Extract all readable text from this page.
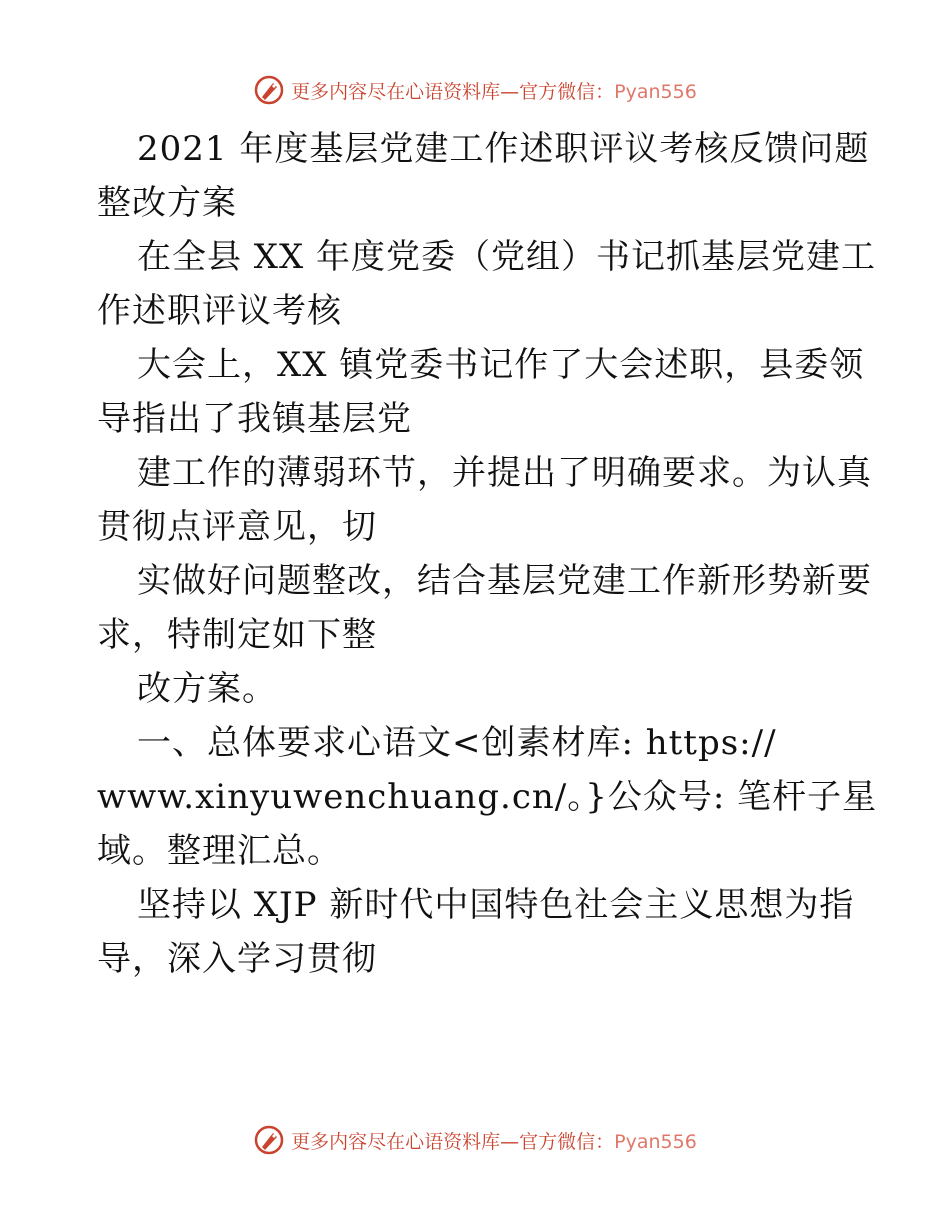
更多内容尽在心语资料库—官方微信：Pyan556
2021 年度基层党建工作述职评议考核反馈问题
整改方案
在全县 XX 年度党委（党组）书记抓基层党建工
作述职评议考核
大会上，XX 镇党委书记作了大会述职，县委领
导指出了我镇基层党
建工作的薄弱环节，并提出了明确要求。为认真
贯彻点评意见，切
实做好问题整改，结合基层党建工作新形势新要
求，特制定如下整
改方案。
一、总体要求心语文<创素材库: https://
www.xinyuwenchuang.cn/。}公众号: 笔杆子星
域。整理汇总。
坚持以 XJP 新时代中国特色社会主义思想为指
导，深入学习贯彻
更多内容尽在心语资料库—官方微信：Pyan556
